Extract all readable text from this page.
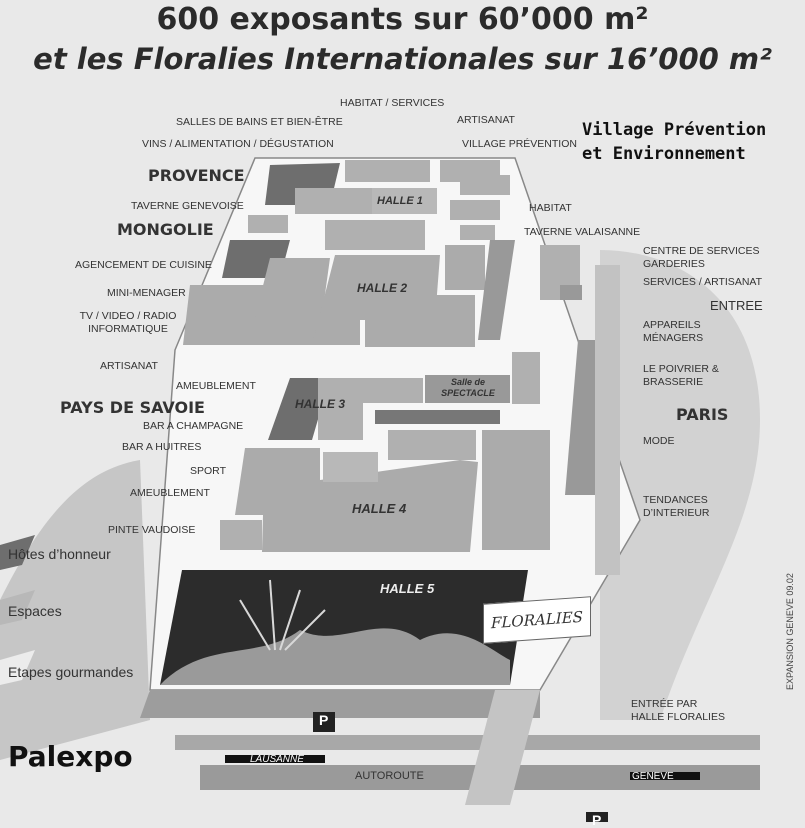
600 exposants sur 60’000 m²
et les Floralies Internationales sur 16’000 m²
HALLE 1
HALLE 2
HALLE 3
HALLE 4
HALLE 5
Salle de SPECTACLE
HABITAT / SERVICES
ARTISANAT
SALLES DE BAINS ET BIEN-ÊTRE
VINS / ALIMENTATION / DÉGUSTATION	VILLAGE PRÉVENTION
TAVERNE GENEVOISE	HABITAT
TAVERNE VALAISANNE
AGENCEMENT DE CUISINE
CENTRE DE SERVICES GARDERIES
MINI-MENAGER
SERVICES / ARTISANAT
ENTREE
TV / VIDEO / RADIO INFORMATIQUE	APPAREILS MÉNAGERS
ARTISANAT
AMEUBLEMENT
LE POIVRIER & BRASSERIE
BAR A CHAMPAGNE
BAR A HUITRES	MODE
SPORT
AMEUBLEMENT
TENDANCES D’INTERIEUR
PINTE VAUDOISE
ENTRÉE PAR HALLE FLORALIES
PROVENCE
MONGOLIE
PAYS DE SAVOIE	PARIS
Village Prévention
et Environnement
FLORALIES
Hôtes d’honneur
Espaces
Etapes gourmandes
LAUSANNE
AUTOROUTE	GENEVE
P
P
Palexpo
EXPANSION GENEVE 09.02
